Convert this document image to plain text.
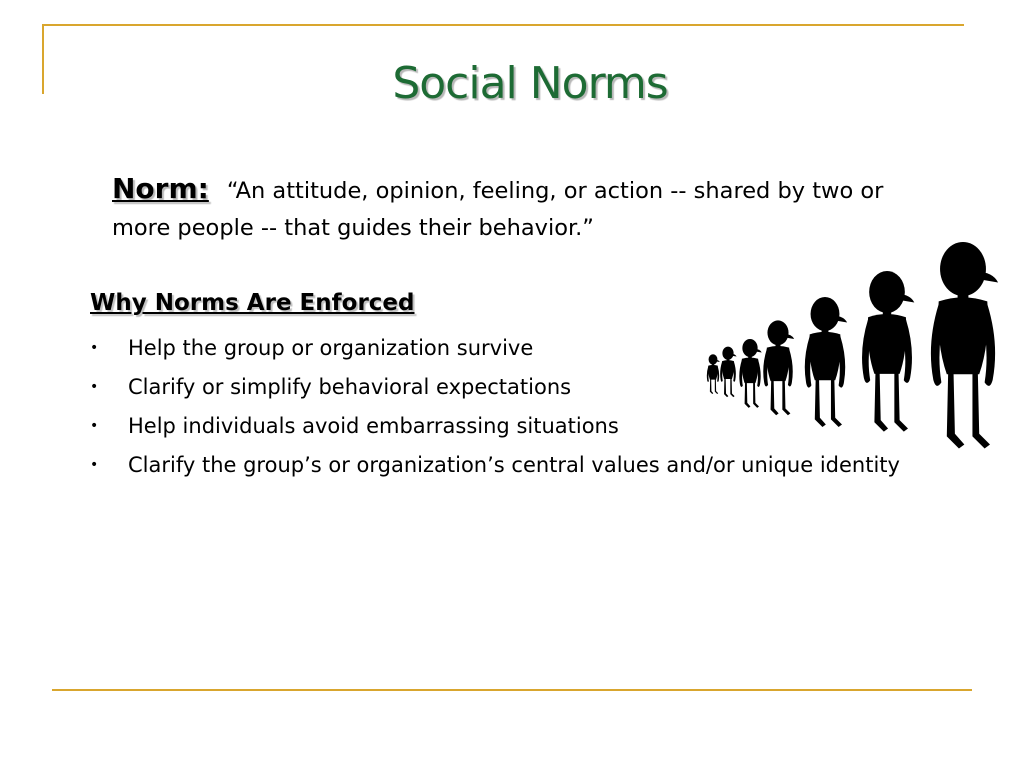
Social Norms
Norm: “An attitude, opinion, feeling, or action -- shared by two or more people -- that guides their behavior.”
Why Norms Are Enforced
• Help the group or organization survive
• Clarify or simplify behavioral expectations
• Help individuals avoid embarrassing situations
• Clarify the group’s or organization’s central values and/or unique identity
